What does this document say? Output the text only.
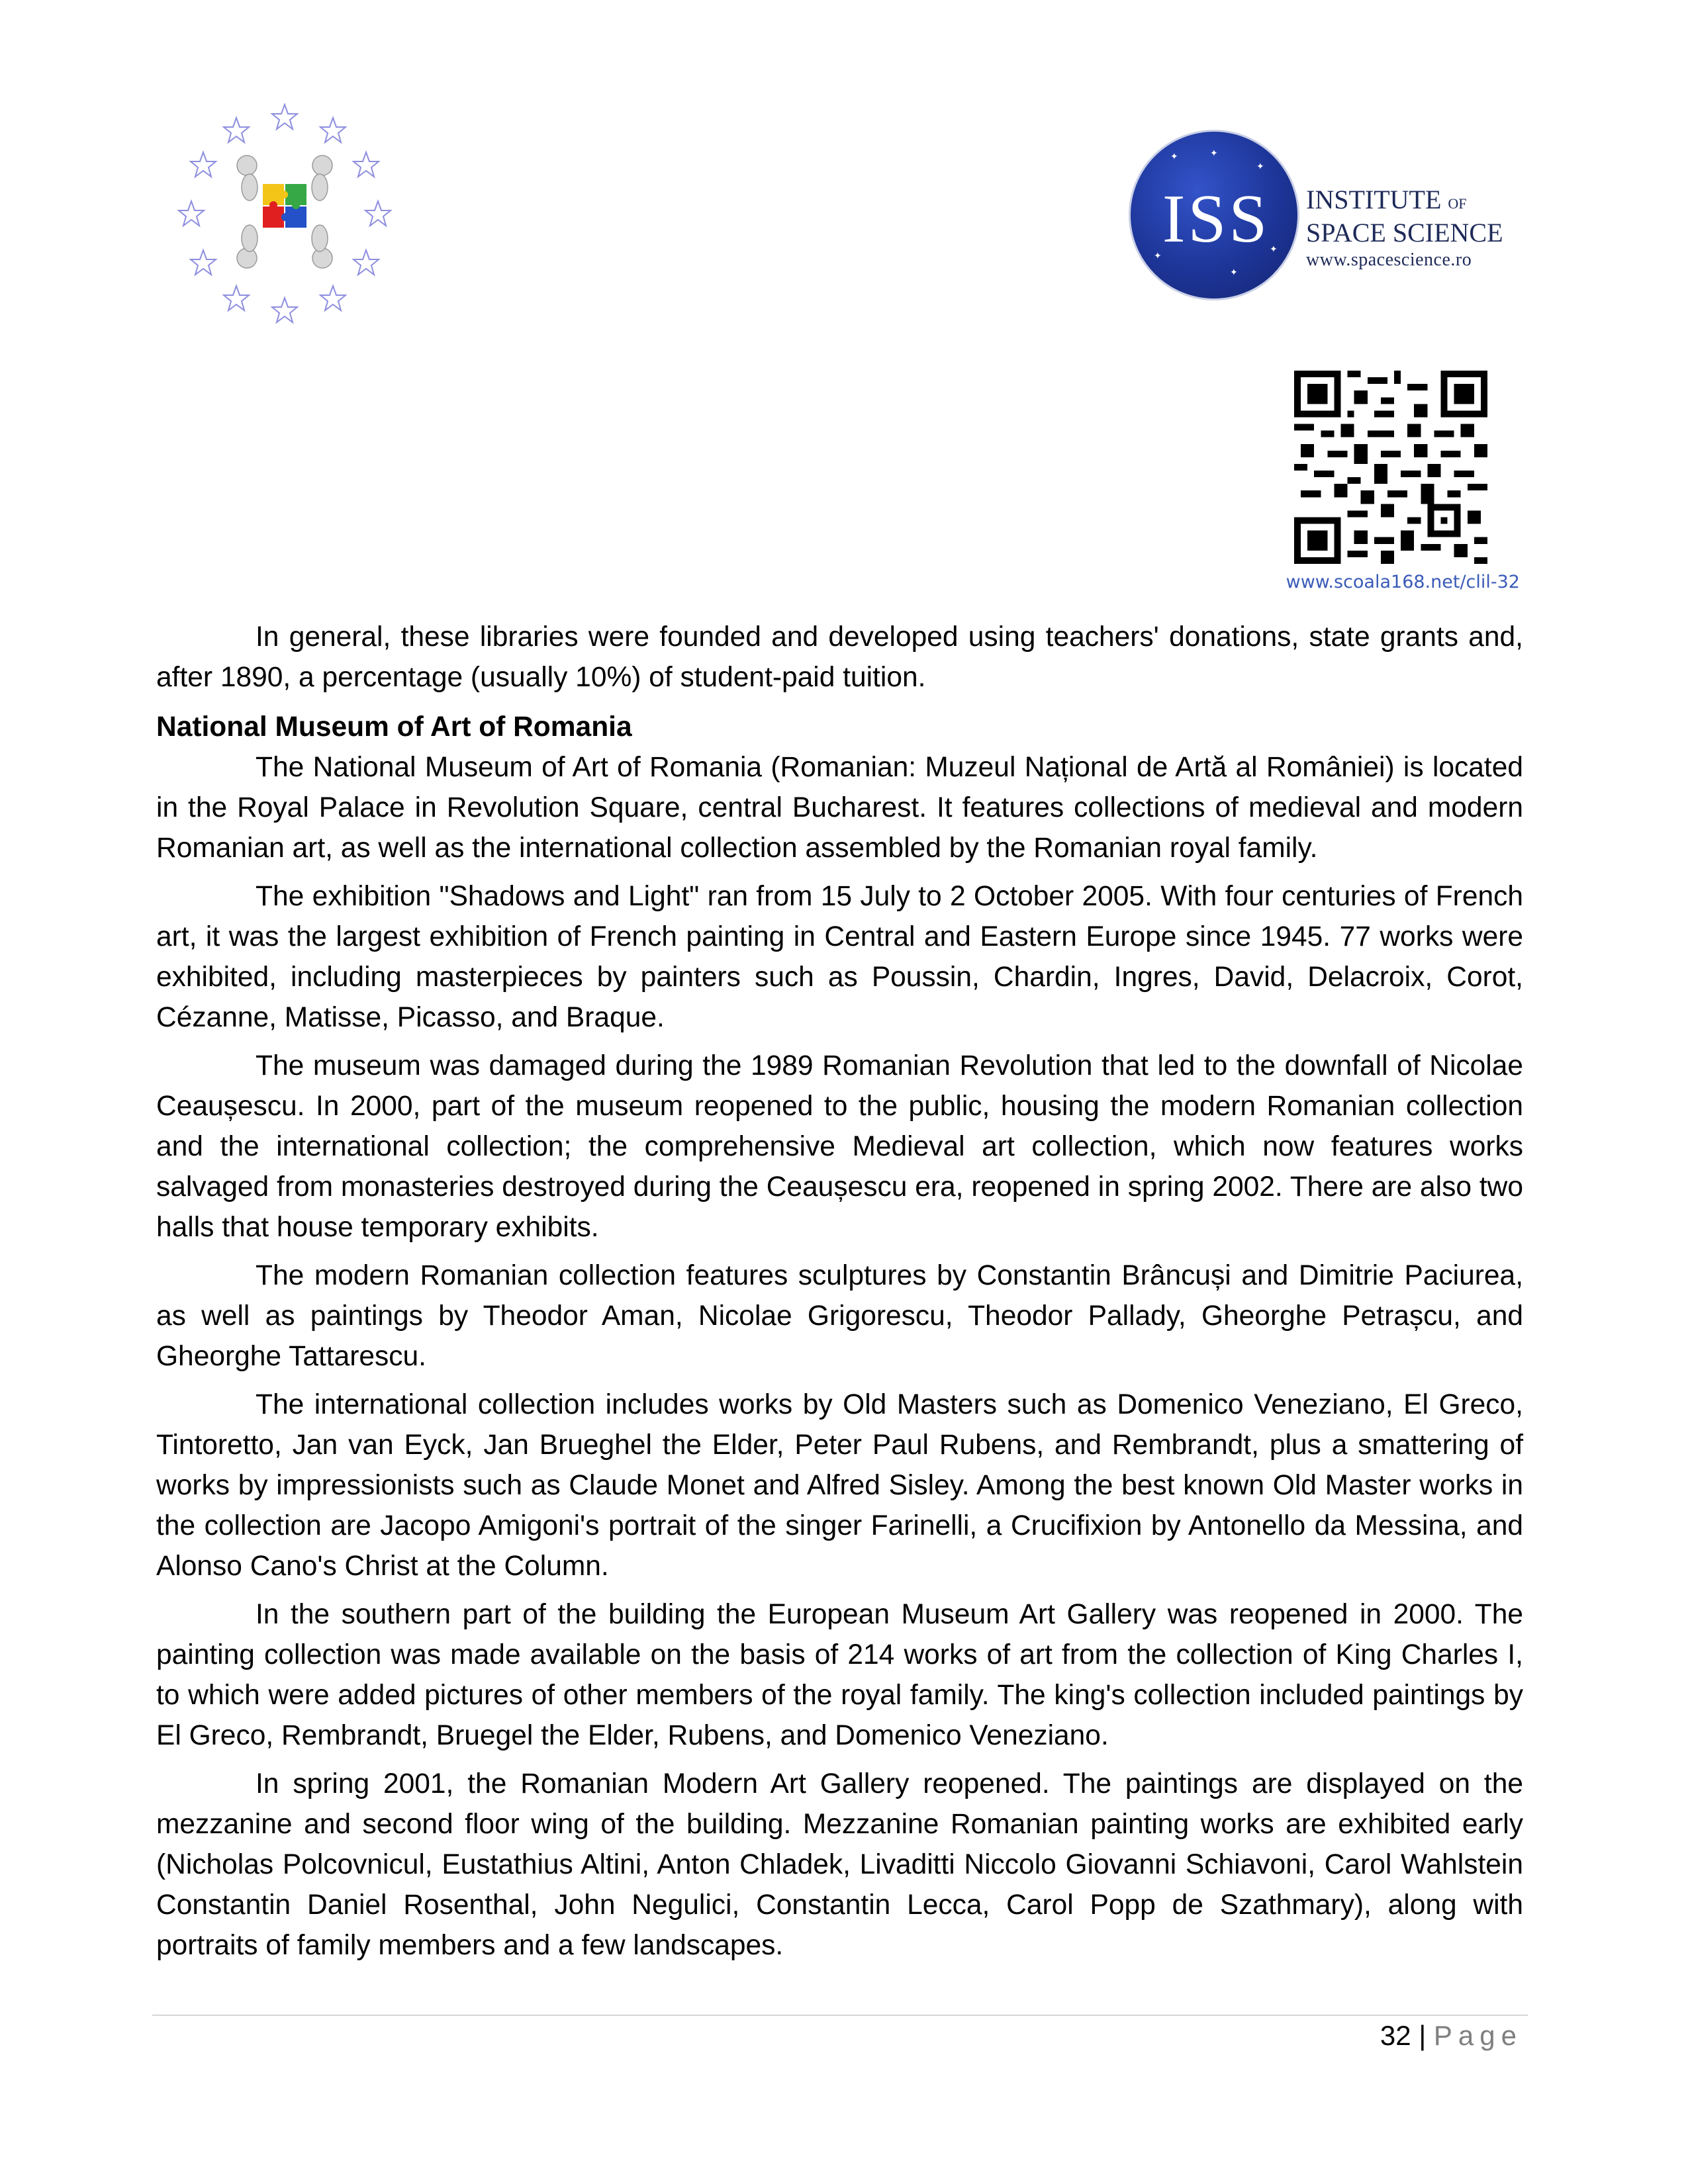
✦
✦
✦
✦
✦
✦
ISS	INSTITUTE OF
SPACE SCIENCE
www.spacescience.ro
www.scoala168.net/clil-32

In general, these libraries were founded and developed using teachers' donations, state grants and, after 1890, a percentage (usually 10%) of student-paid tuition.

National Museum of Art of Romania

The National Museum of Art of Romania (Romanian: Muzeul Național de Artă al României) is located in the Royal Palace in Revolution Square, central Bucharest. It features collections of medieval and modern Romanian art, as well as the international collection assembled by the Romanian royal family.

The exhibition "Shadows and Light" ran from 15 July to 2 October 2005. With four centuries of French art, it was the largest exhibition of French painting in Central and Eastern Europe since 1945. 77 works were exhibited, including masterpieces by painters such as Poussin, Chardin, Ingres, David, Delacroix, Corot, Cézanne, Matisse, Picasso, and Braque.

The museum was damaged during the 1989 Romanian Revolution that led to the downfall of Nicolae Ceaușescu. In 2000, part of the museum reopened to the public, housing the modern Romanian collection and the international collection; the comprehensive Medieval art collection, which now features works salvaged from monasteries destroyed during the Ceaușescu era, reopened in spring 2002. There are also two halls that house temporary exhibits.

The modern Romanian collection features sculptures by Constantin Brâncuși and Dimitrie Paciurea, as well as paintings by Theodor Aman, Nicolae Grigorescu, Theodor Pallady, Gheorghe Petrașcu, and Gheorghe Tattarescu.

The international collection includes works by Old Masters such as Domenico Veneziano, El Greco, Tintoretto, Jan van Eyck, Jan Brueghel the Elder, Peter Paul Rubens, and Rembrandt, plus a smattering of works by impressionists such as Claude Monet and Alfred Sisley. Among the best known Old Master works in the collection are Jacopo Amigoni's portrait of the singer Farinelli, a Crucifixion by Antonello da Messina, and Alonso Cano's Christ at the Column.

In the southern part of the building the European Museum Art Gallery was reopened in 2000. The painting collection was made available on the basis of 214 works of art from the collection of King Charles I, to which were added pictures of other members of the royal family. The king's collection included paintings by El Greco, Rembrandt, Bruegel the Elder, Rubens, and Domenico Veneziano.

In spring 2001, the Romanian Modern Art Gallery reopened. The paintings are displayed on the mezzanine and second floor wing of the building. Mezzanine Romanian painting works are exhibited early (Nicholas Polcovnicul, Eustathius Altini, Anton Chladek, Livaditti Niccolo Giovanni Schiavoni, Carol Wahlstein Constantin Daniel Rosenthal, John Negulici, Constantin Lecca, Carol Popp de Szathmary), along with portraits of family members and a few landscapes.

32 | Page
